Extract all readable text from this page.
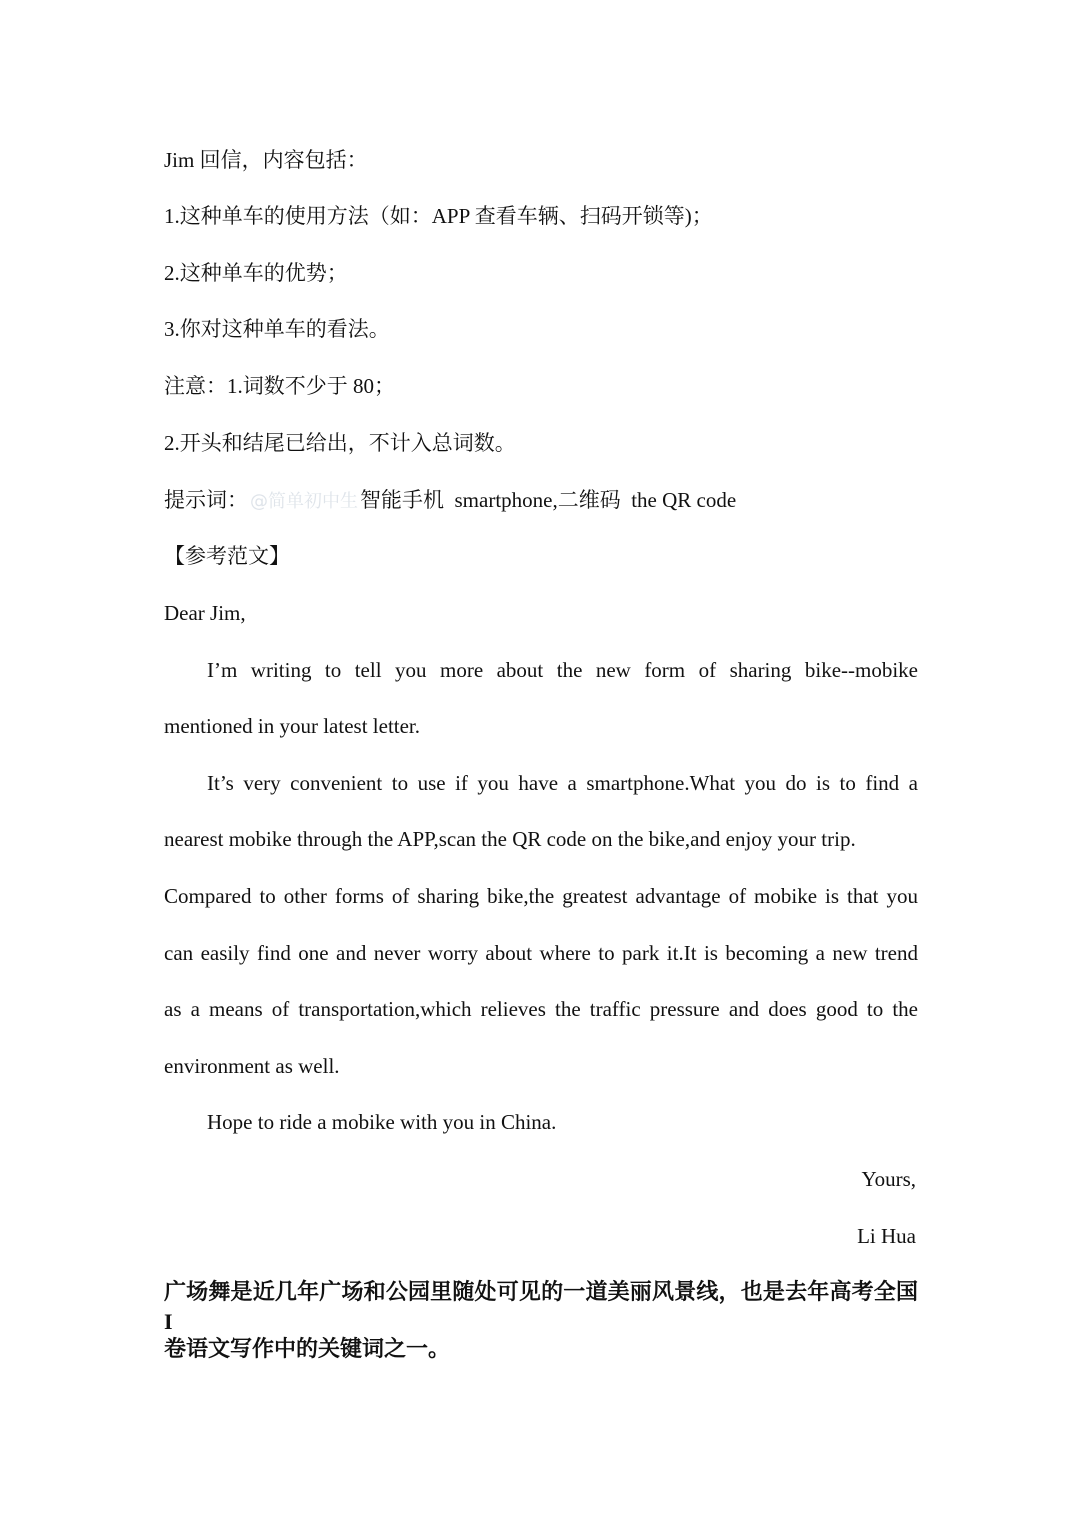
Jim 回信，内容包括：
1.这种单车的使用方法（如：APP 查看车辆、扫码开锁等)；
2.这种单车的优势；
3.你对这种单车的看法。
注意：1.词数不少于 80；
2.开头和结尾已给出，不计入总词数。
提示词： @简单初中生智能手机  smartphone,二维码  the QR code
【参考范文】
Dear Jim,
I’m writing to tell you more about the new form of sharing bike--mobike
mentioned in your latest letter.
It’s very convenient to use if you have a smartphone.What you do is to find a
nearest mobike through the APP,scan the QR code on the bike,and enjoy your trip.
Compared to other forms of sharing bike,the greatest advantage of mobike is that you
can easily find one and never worry about where to park it.It is becoming a new trend
as a means of transportation,which relieves the traffic pressure and does good to the
environment as well.
Hope to ride a mobike with you in China.
Yours,
Li Hua
广场舞是近几年广场和公园里随处可见的一道美丽风景线，也是去年高考全国I
卷语文写作中的关键词之一。
